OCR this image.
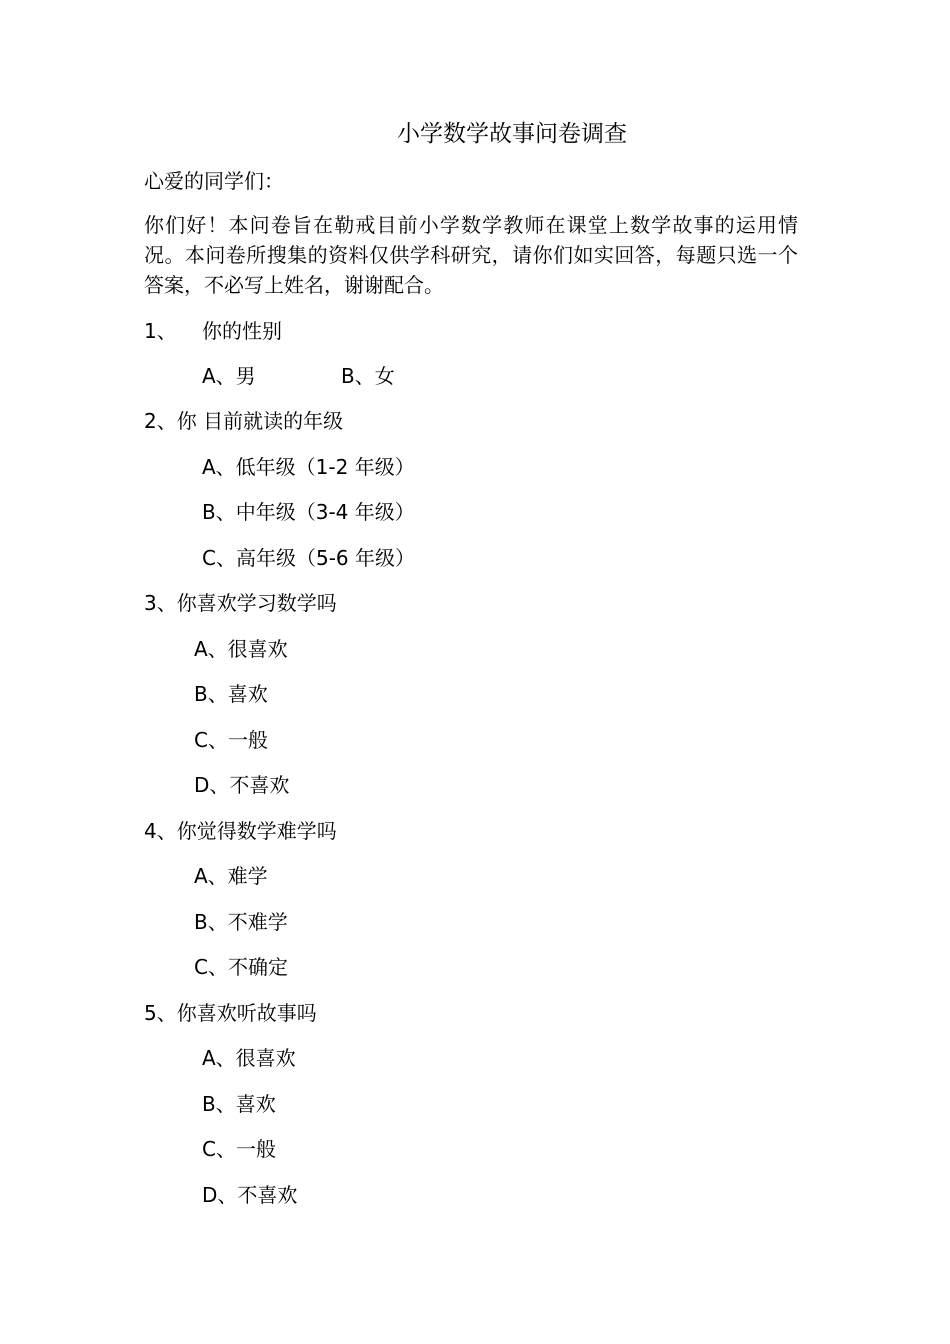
小学数学故事问卷调查
心爱的同学们：
你们好！本问卷旨在勒戒目前小学数学教师在课堂上数学故事的运用情况。本问卷所搜集的资料仅供学科研究，请你们如实回答，每题只选一个答案，不必写上姓名，谢谢配合。
1、 你的性别
A、男	B、女
2、你 目前就读的年级
A、低年级（1-2 年级）
B、中年级（3-4 年级）
C、高年级（5-6 年级）
3、你喜欢学习数学吗
A、很喜欢
B、喜欢
C、一般
D、不喜欢
4、你觉得数学难学吗
A、难学
B、不难学
C、不确定
5、你喜欢听故事吗
A、很喜欢
B、喜欢
C、一般
D、不喜欢
